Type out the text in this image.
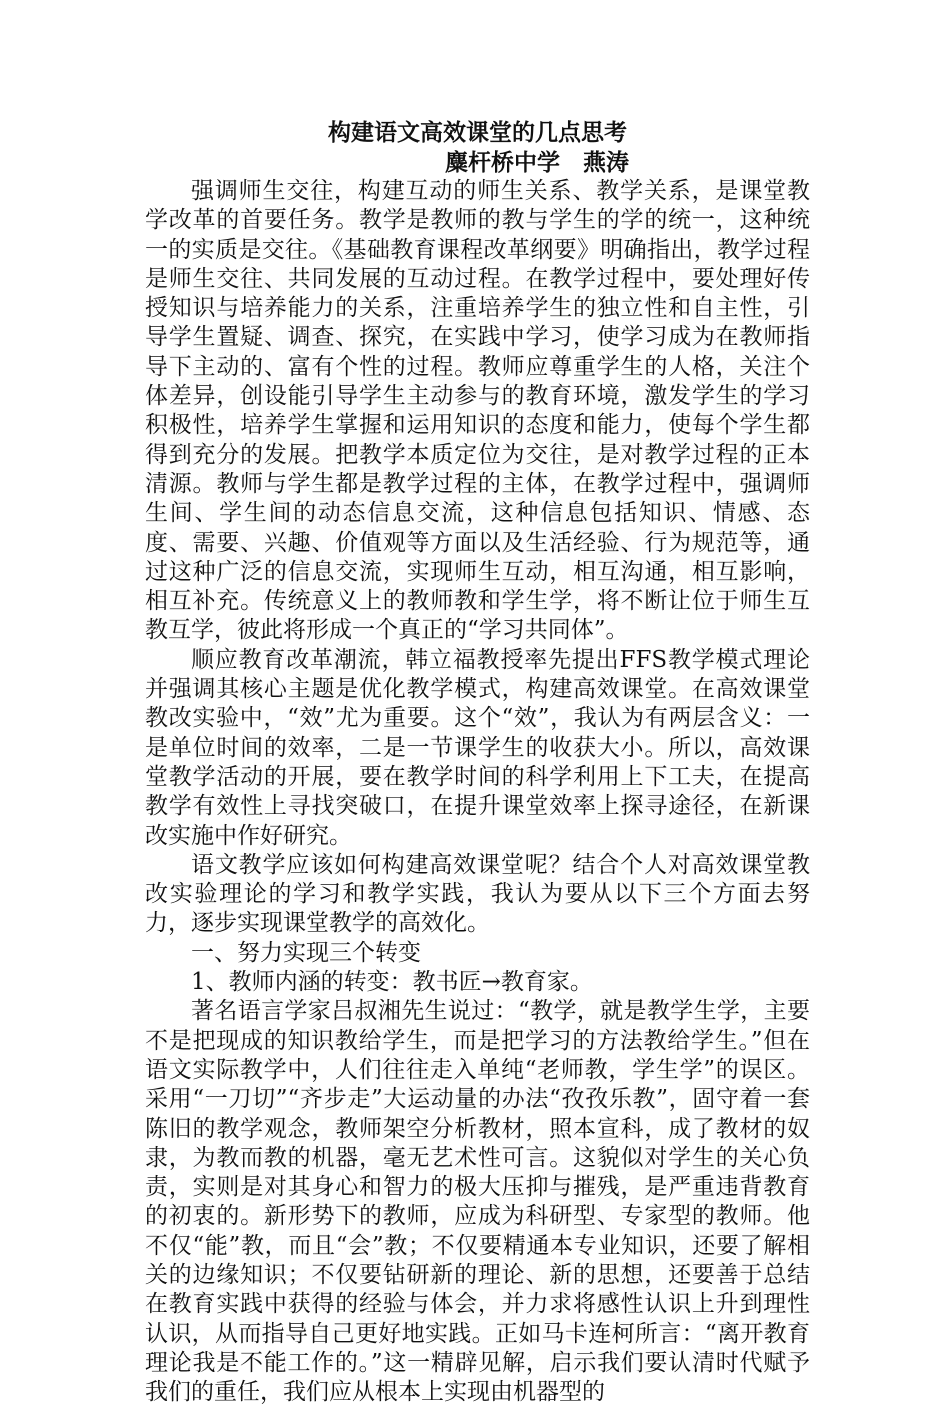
构建语文高效课堂的几点思考

麋杆桥中学　燕涛

强调师生交往，构建互动的师生关系、教学关系，是课堂教学改革的首要任务。教学是教师的教与学生的学的统一，这种统一的实质是交往。《基础教育课程改革纲要》明确指出，教学过程是师生交往、共同发展的互动过程。在教学过程中，要处理好传授知识与培养能力的关系，注重培养学生的独立性和自主性，引导学生置疑、调查、探究，在实践中学习，使学习成为在教师指导下主动的、富有个性的过程。教师应尊重学生的人格，关注个体差异，创设能引导学生主动参与的教育环境，激发学生的学习积极性，培养学生掌握和运用知识的态度和能力，使每个学生都得到充分的发展。把教学本质定位为交往，是对教学过程的正本清源。教师与学生都是教学过程的主体，在教学过程中，强调师生间、学生间的动态信息交流，这种信息包括知识、情感、态度、需要、兴趣、价值观等方面以及生活经验、行为规范等，通过这种广泛的信息交流，实现师生互动，相互沟通，相互影响，相互补充。传统意义上的教师教和学生学，将不断让位于师生互教互学，彼此将形成一个真正的“学习共同体”。

顺应教育改革潮流，韩立福教授率先提出FFS教学模式理论并强调其核心主题是优化教学模式，构建高效课堂。在高效课堂教改实验中，“效”尤为重要。这个“效”，我认为有两层含义：一是单位时间的效率，二是一节课学生的收获大小。所以，高效课堂教学活动的开展，要在教学时间的科学利用上下工夫，在提高教学有效性上寻找突破口，在提升课堂效率上探寻途径，在新课改实施中作好研究。

语文教学应该如何构建高效课堂呢？结合个人对高效课堂教改实验理论的学习和教学实践，我认为要从以下三个方面去努力，逐步实现课堂教学的高效化。

一、努力实现三个转变

1、教师内涵的转变：教书匠→教育家。

著名语言学家吕叔湘先生说过：“教学，就是教学生学，主要不是把现成的知识教给学生，而是把学习的方法教给学生。”但在语文实际教学中，人们往往走入单纯“老师教，学生学”的误区。采用“一刀切”“齐步走”大运动量的办法“孜孜乐教”，固守着一套陈旧的教学观念，教师架空分析教材，照本宣科，成了教材的奴隶，为教而教的机器，毫无艺术性可言。这貌似对学生的关心负责，实则是对其身心和智力的极大压抑与摧残，是严重违背教育的初衷的。新形势下的教师，应成为科研型、专家型的教师。他不仅“能”教，而且“会”教；不仅要精通本专业知识，还要了解相关的边缘知识；不仅要钻研新的理论、新的思想，还要善于总结在教育实践中获得的经验与体会，并力求将感性认识上升到理性认识，从而指导自己更好地实践。正如马卡连柯所言：“离开教育理论我是不能工作的。”这一精辟见解，启示我们要认清时代赋予我们的重任，我们应从根本上实现由机器型的
